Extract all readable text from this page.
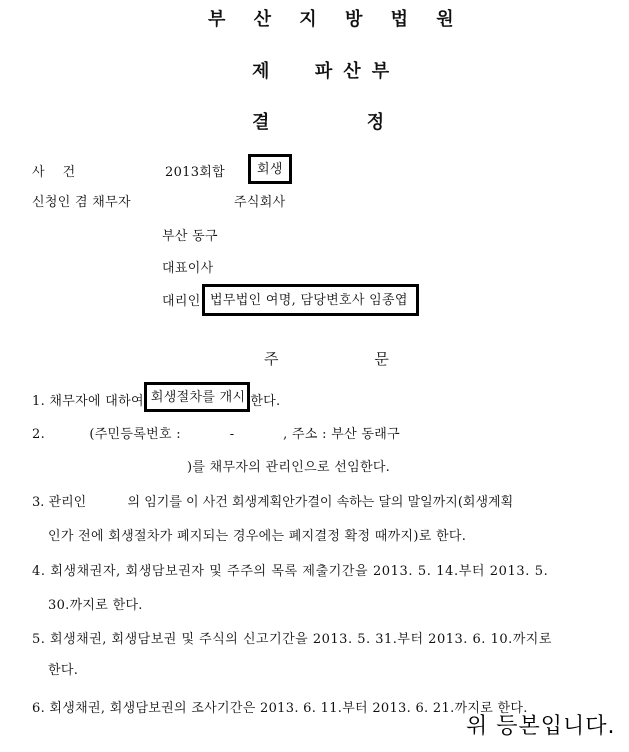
부 산 지 방 법 원
제  파산부
결     정
사    건	2013회합	회생
신청인 겸 채무자	주식회사
부산 동구
대표이사
대리인 법무법인 여명, 담당변호사 임종엽
주     문
1. 채무자에 대하여 회생절차를 개시 한다.
2.          (주민등록번호 :           -           , 주소 : 부산 동래구
)를 채무자의 관리인으로 선임한다.
3. 관리인          의 임기를 이 사건 회생계획안가결이 속하는 달의 말일까지(회생계획
인가 전에 회생절차가 폐지되는 경우에는 폐지결정 확정 때까지)로 한다.
4. 회생채권자, 회생담보권자 및 주주의 목록 제출기간을 2013. 5. 14.부터 2013. 5.
30.까지로 한다.
5. 회생채권, 회생담보권 및 주식의 신고기간을 2013. 5. 31.부터 2013. 6. 10.까지로
한다.
6. 회생채권, 회생담보권의 조사기간은 2013. 6. 11.부터 2013. 6. 21.까지로 한다.
위 등본입니다.
